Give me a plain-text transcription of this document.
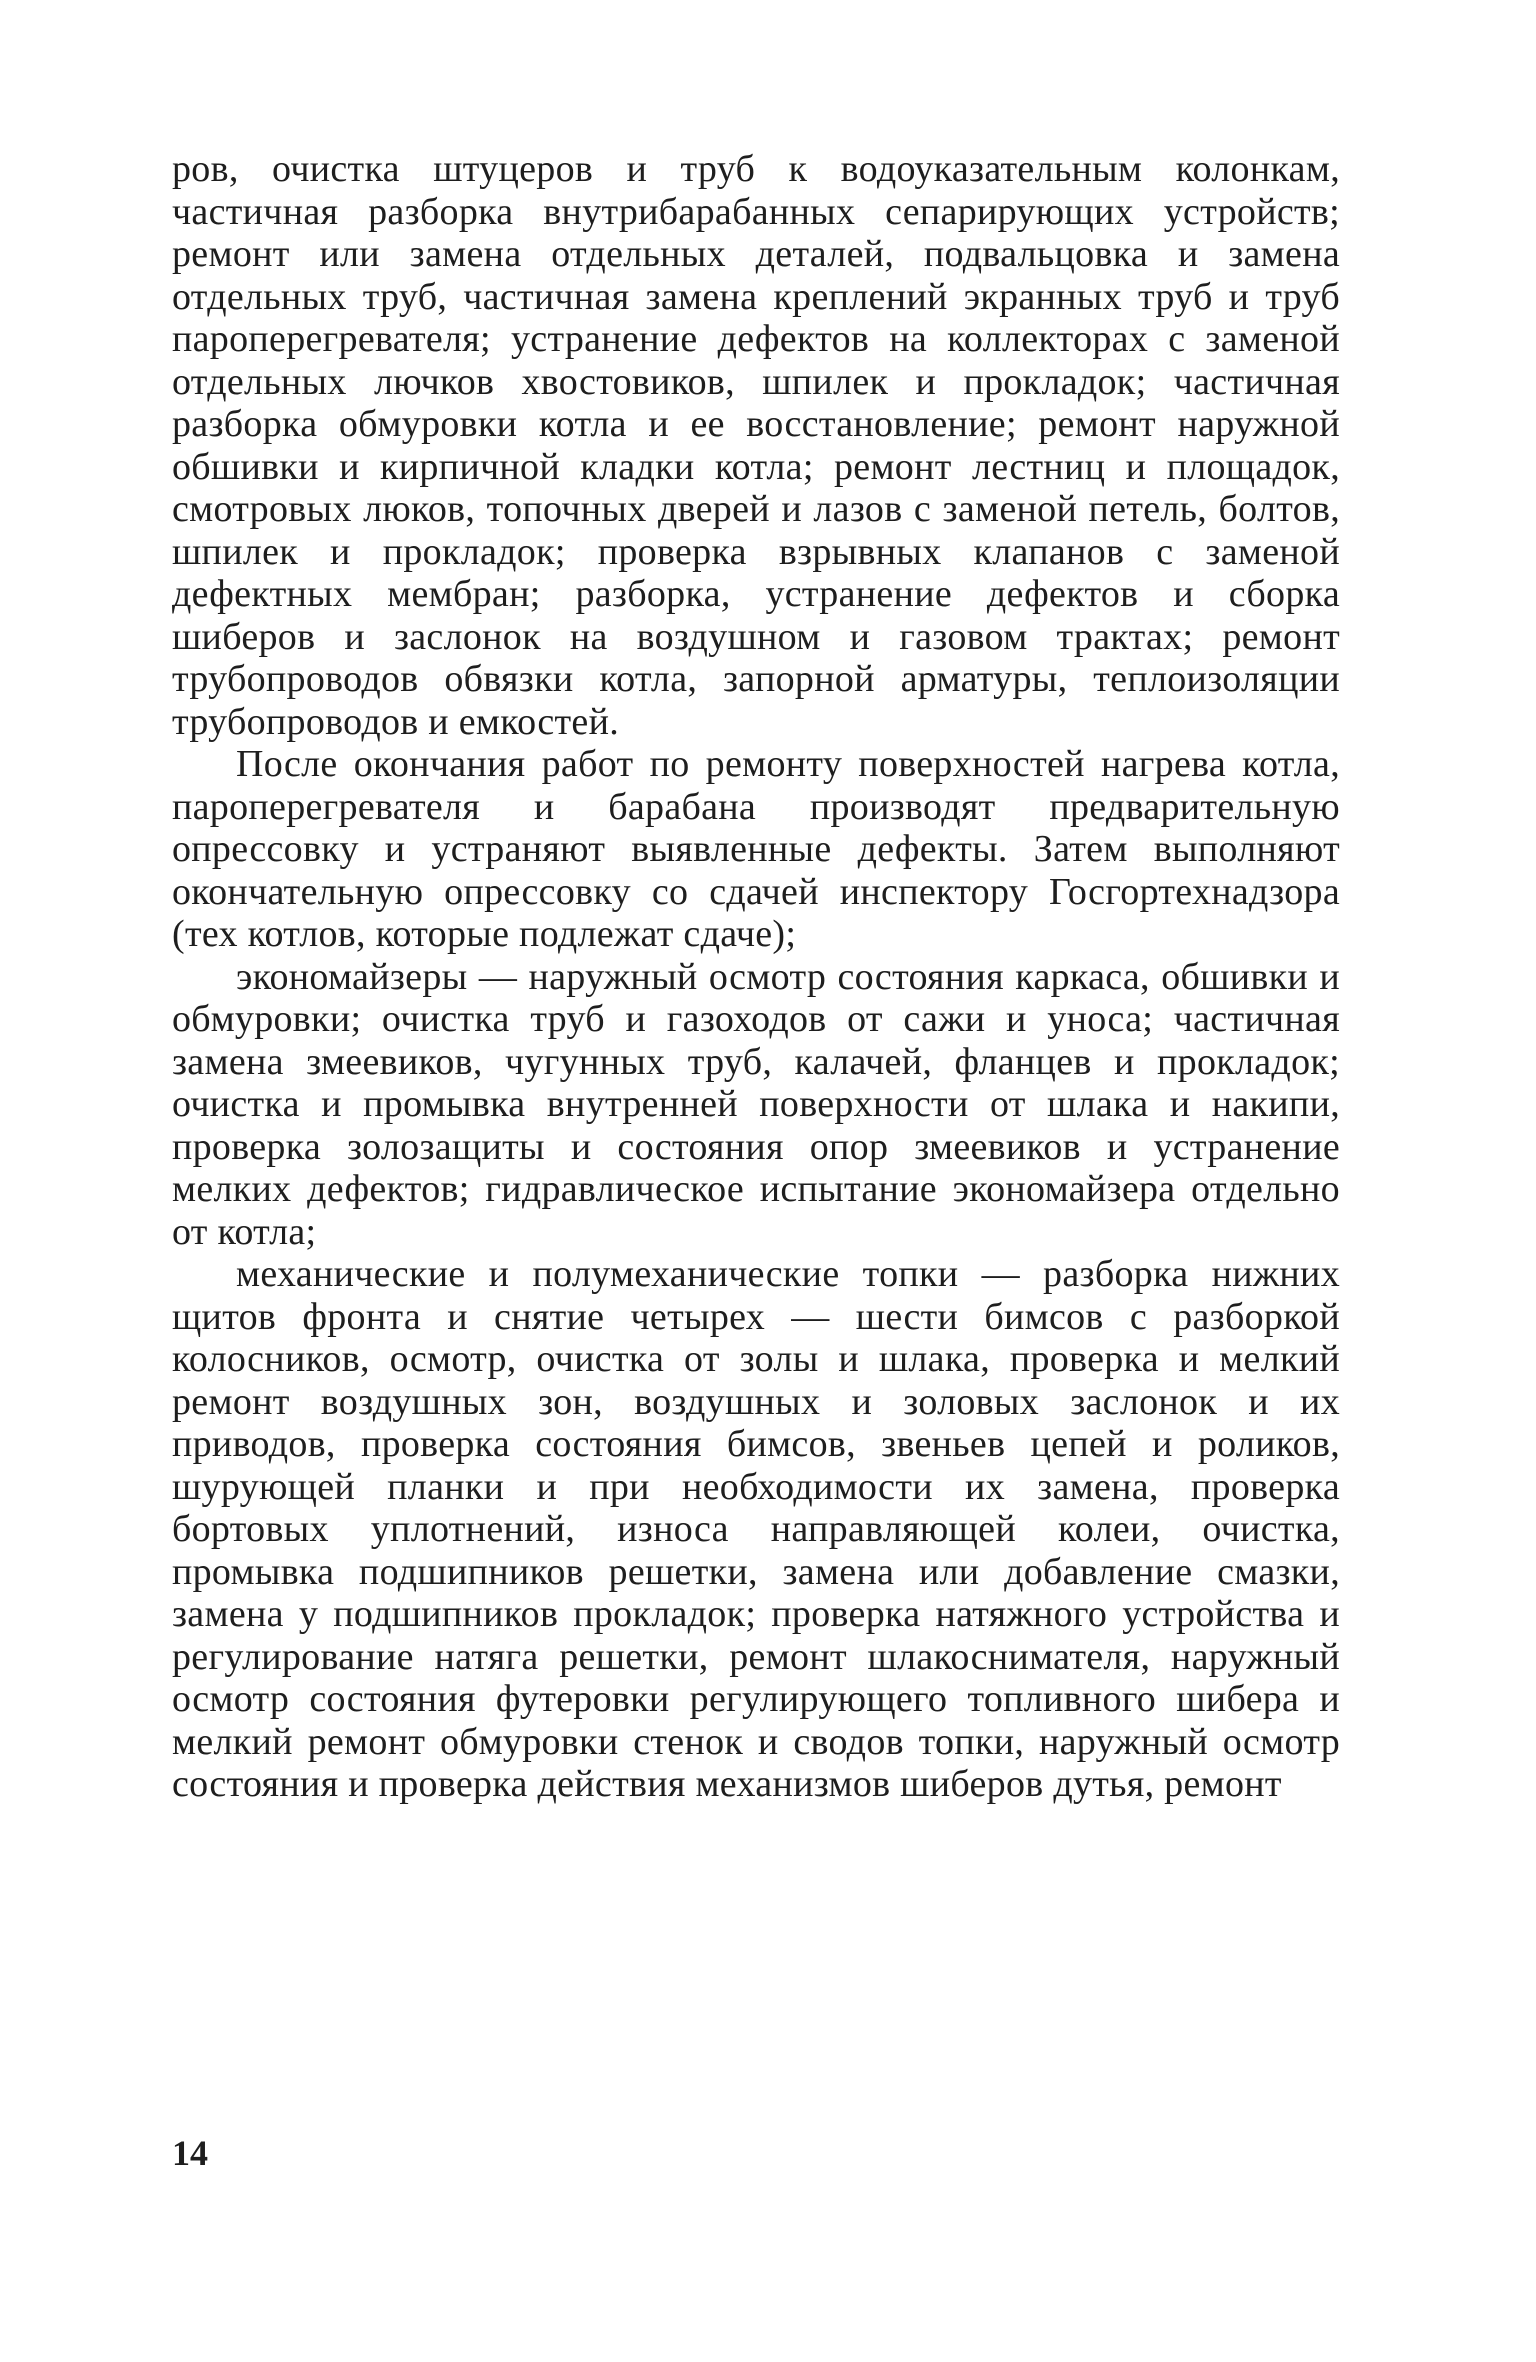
ров, очистка штуцеров и труб к водоуказательным колонкам, частичная разборка внутрибарабанных сепарирующих устройств; ремонт или замена отдельных деталей, подвальцовка и замена отдельных труб, частичная замена креплений экранных труб и труб пароперегревателя; устранение дефектов на коллекторах с заменой отдельных лючков хвостовиков, шпилек и прокладок; частичная разборка обмуровки котла и ее восстановление; ремонт наружной обшивки и кирпичной кладки котла; ремонт лестниц и площадок, смотровых люков, топочных дверей и лазов с заменой петель, болтов, шпилек и прокладок; проверка взрывных клапанов с заменой дефектных мембран; разборка, устранение дефектов и сборка шиберов и заслонок на воздушном и газовом трактах; ремонт трубопроводов обвязки котла, запорной арматуры, теплоизоляции трубопроводов и емкостей.

После окончания работ по ремонту поверхностей нагрева котла, пароперегревателя и барабана производят предварительную опрессовку и устраняют выявленные дефекты. Затем выполняют окончательную опрессовку со сдачей инспектору Госгортехнадзора (тех котлов, которые подлежат сдаче);

экономайзеры — наружный осмотр состояния каркаса, обшивки и обмуровки; очистка труб и газоходов от сажи и уноса; частичная замена змеевиков, чугунных труб, калачей, фланцев и прокладок; очистка и промывка внутренней поверхности от шлака и накипи, проверка золозащиты и состояния опор змеевиков и устранение мелких дефектов; гидравлическое испытание экономайзера отдельно от котла;

механические и полумеханические топки — разборка нижних щитов фронта и снятие четырех — шести бимсов с разборкой колосников, осмотр, очистка от золы и шлака, проверка и мелкий ремонт воздушных зон, воздушных и золовых заслонок и их приводов, проверка состояния бимсов, звеньев цепей и роликов, шурующей планки и при необходимости их замена, проверка бортовых уплотнений, износа направляющей колеи, очистка, промывка подшипников решетки, замена или добавление смазки, замена у подшипников прокладок; проверка натяжного устройства и регулирование натяга решетки, ремонт шлакоснимателя, наружный осмотр состояния футеровки регулирующего топливного шибера и мелкий ремонт обмуровки стенок и сводов топки, наружный осмотр состояния и проверка действия механизмов шиберов дутья, ремонт

14
